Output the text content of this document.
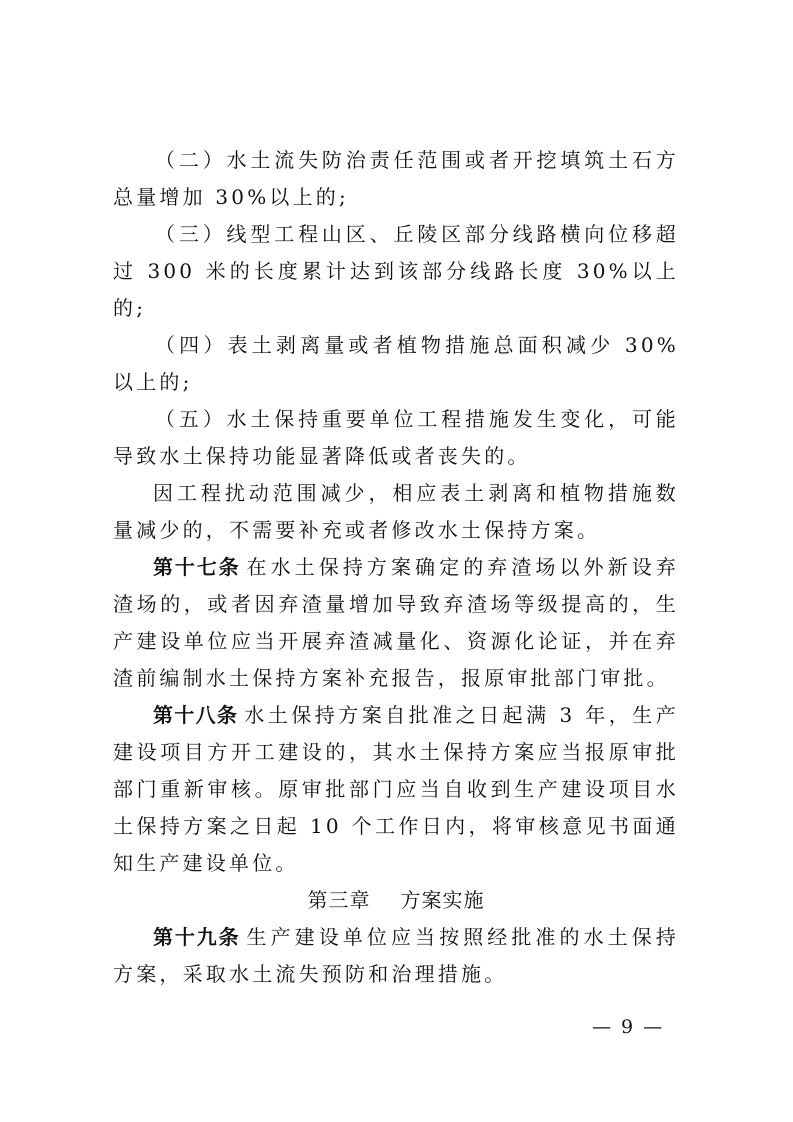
（二）水土流失防治责任范围或者开挖填筑土石方总量增加 30%以上的;

（三）线型工程山区、丘陵区部分线路横向位移超过 300 米的长度累计达到该部分线路长度 30%以上的;

（四）表土剥离量或者植物措施总面积减少 30%以上的;

（五）水土保持重要单位工程措施发生变化，可能导致水土保持功能显著降低或者丧失的。

因工程扰动范围减少，相应表土剥离和植物措施数量减少的，不需要补充或者修改水土保持方案。

第十七条 在水土保持方案确定的弃渣场以外新设弃渣场的，或者因弃渣量增加导致弃渣场等级提高的，生产建设单位应当开展弃渣减量化、资源化论证，并在弃渣前编制水土保持方案补充报告，报原审批部门审批。

第十八条 水土保持方案自批准之日起满 3 年，生产建设项目方开工建设的，其水土保持方案应当报原审批部门重新审核。原审批部门应当自收到生产建设项目水土保持方案之日起 10 个工作日内，将审核意见书面通知生产建设单位。

第三章 方案实施

第十九条 生产建设单位应当按照经批准的水土保持方案，采取水土流失预防和治理措施。

— 9 —
